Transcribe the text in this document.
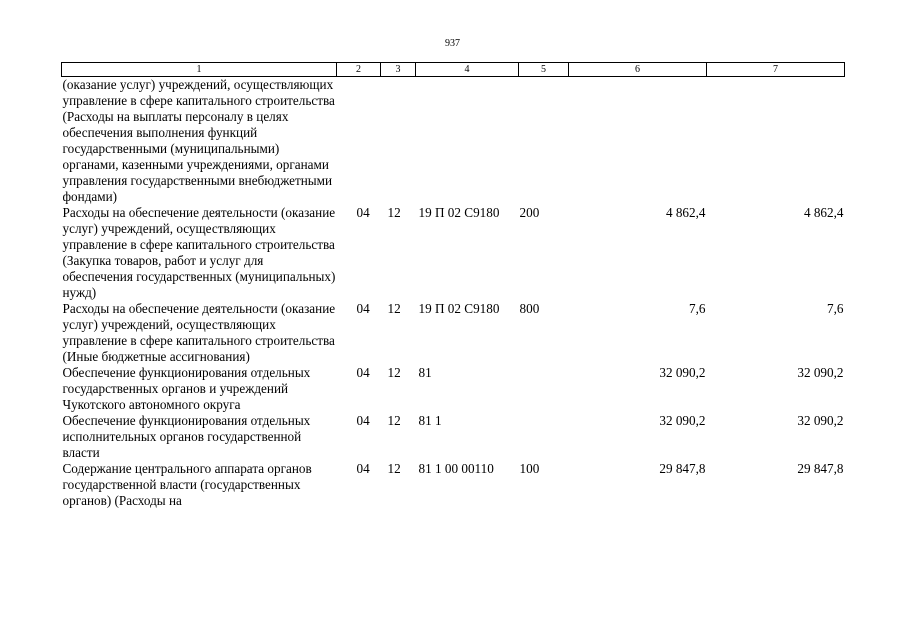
937
1	2	3	4	5	6	7
(оказание услуг) учреждений, осуществляющих управление в сфере капитального строительства (Расходы на выплаты персоналу в целях обеспечения выполнения функций государственными (муниципальными) органами, казенными учреждениями, органами управления государственными внебюджетными фондами)						
Расходы на обеспечение деятельности (оказание услуг) учреждений, осуществляющих управление в сфере капитального строительства (Закупка товаров, работ и услуг для обеспечения государственных (муниципальных) нужд)	04	12	19 П 02 С9180	200	4 862,4	4 862,4
Расходы на обеспечение деятельности (оказание услуг) учреждений, осуществляющих управление в сфере капитального строительства (Иные бюджетные ассигнования)	04	12	19 П 02 С9180	800	7,6	7,6
Обеспечение функционирования отдельных государственных органов и учреждений Чукотского автономного округа	04	12	81		32 090,2	32 090,2
Обеспечение функционирования отдельных исполнительных органов государственной власти	04	12	81 1		32 090,2	32 090,2
Содержание центрального аппарата органов государственной власти (государственных органов) (Расходы на	04	12	81 1 00 00110	100	29 847,8	29 847,8
